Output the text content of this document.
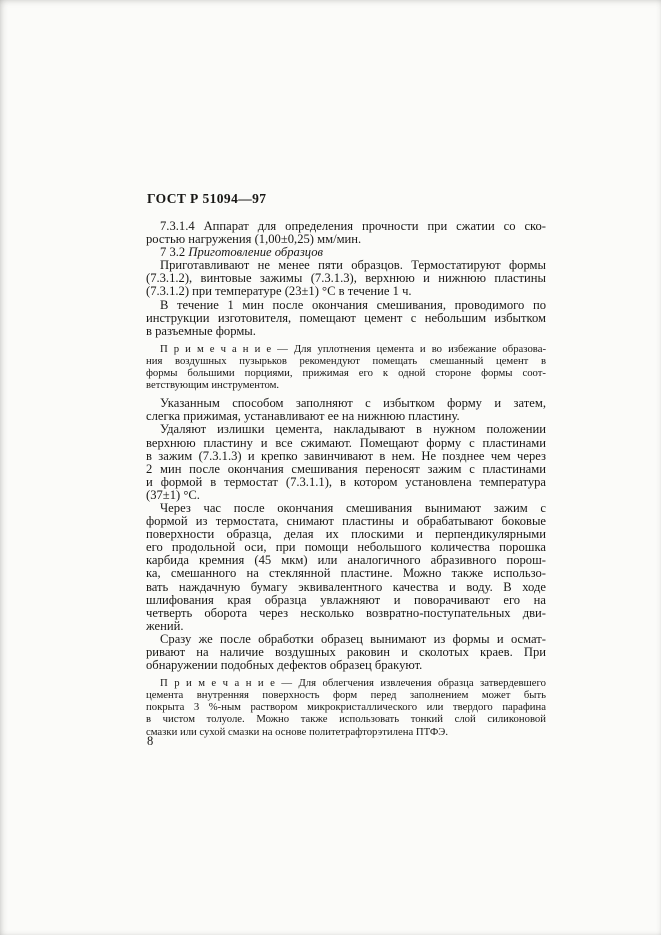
ГОСТ Р 51094—97
7.3.1.4 Аппарат для определения прочности при сжатии со ско-
ростью нагружения (1,00±0,25) мм/мин.
7 3.2 Приготовление образцов
Приготавливают не менее пяти образцов. Термостатируют формы
(7.3.1.2), винтовые зажимы (7.3.1.3), верхнюю и нижнюю пластины
(7.3.1.2) при температуре (23±1) °С в течение 1 ч.
В течение 1 мин после окончания смешивания, проводимого по
инструкции изготовителя, помещают цемент с небольшим избытком
в разъемные формы.
П р и м е ч а н и е — Для уплотнения цемента и во избежание образова-
ния воздушных пузырьков рекомендуют помещать смешанный цемент в
формы большими порциями, прижимая его к одной стороне формы соот-
ветствующим инструментом.
Указанным способом заполняют с избытком форму и затем,
слегка прижимая, устанавливают ее на нижнюю пластину.
Удаляют излишки цемента, накладывают в нужном положении
верхнюю пластину и все сжимают. Помещают форму с пластинами
в зажим (7.3.1.3) и крепко завинчивают в нем. Не позднее чем через
2 мин после окончания смешивания переносят зажим с пластинами
и формой в термостат (7.3.1.1), в котором установлена температура
(37±1) °С.
Через час после окончания смешивания вынимают зажим с
формой из термостата, снимают пластины и обрабатывают боковые
поверхности образца, делая их плоскими и перпендикулярными
его продольной оси, при помощи небольшого количества порошка
карбида кремния (45 мкм) или аналогичного абразивного порош-
ка, смешанного на стеклянной пластине. Можно также использо-
вать наждачную бумагу эквивалентного качества и воду. В ходе
шлифования края образца увлажняют и поворачивают его на
четверть оборота через несколько возвратно-поступательных дви-
жений.
Сразу же после обработки образец вынимают из формы и осмат-
ривают на наличие воздушных раковин и сколотых краев. При
обнаружении подобных дефектов образец бракуют.
П р и м е ч а н и е — Для облегчения извлечения образца затвердевшего
цемента внутренняя поверхность форм перед заполнением может быть
покрыта 3 %-ным раствором микрокристаллического или твердого парафина
в чистом толуоле. Можно также использовать тонкий слой силиконовой
смазки или сухой смазки на основе политетрафторэтилена ПТФЭ.
8
